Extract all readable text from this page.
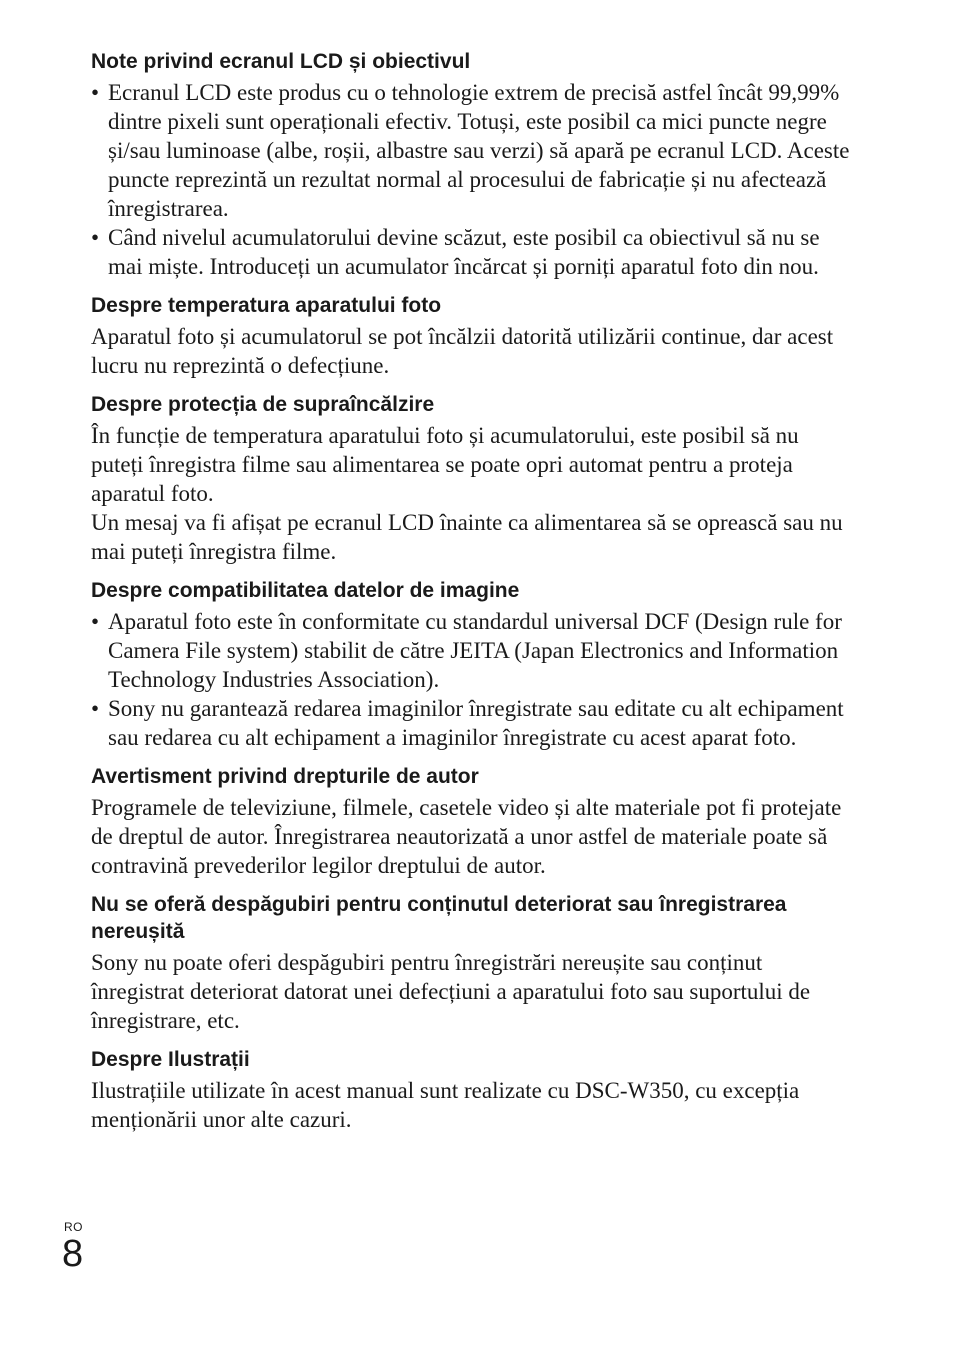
Note privind ecranul LCD și obiectivul
• Ecranul LCD este produs cu o tehnologie extrem de precisă astfel încât 99,99% dintre pixeli sunt operaționali efectiv. Totuși, este posibil ca mici puncte negre și/sau luminoase (albe, roșii, albastre sau verzi) să apară pe ecranul LCD. Aceste puncte reprezintă un rezultat normal al procesului de fabricație și nu afectează înregistrarea.
• Când nivelul acumulatorului devine scăzut, este posibil ca obiectivul să nu se mai miște. Introduceți un acumulator încărcat și porniți aparatul foto din nou.
Despre temperatura aparatului foto

Aparatul foto și acumulatorul se pot încălzii datorită utilizării continue, dar acest lucru nu reprezintă o defecțiune.

Despre protecția de supraîncălzire

În funcție de temperatura aparatului foto și acumulatorului, este posibil să nu puteți înregistra filme sau alimentarea se poate opri automat pentru a proteja aparatul foto.

Un mesaj va fi afișat pe ecranul LCD înainte ca alimentarea să se oprească sau nu mai puteți înregistra filme.

Despre compatibilitatea datelor de imagine
• Aparatul foto este în conformitate cu standardul universal DCF (Design rule for Camera File system) stabilit de către JEITA (Japan Electronics and Information Technology Industries Association).
• Sony nu garantează redarea imaginilor înregistrate sau editate cu alt echipament sau redarea cu alt echipament a imaginilor înregistrate cu acest aparat foto.
Avertisment privind drepturile de autor

Programele de televiziune, filmele, casetele video și alte materiale pot fi protejate de dreptul de autor. Înregistrarea neautorizată a unor astfel de materiale poate să contravină prevederilor legilor dreptului de autor.

Nu se oferă despăgubiri pentru conținutul deteriorat sau înregistrarea nereușită

Sony nu poate oferi despăgubiri pentru înregistrări nereușite sau conținut înregistrat deteriorat datorat unei defecțiuni a aparatului foto sau suportului de înregistrare, etc.

Despre Ilustrații

Ilustrațiile utilizate în acest manual sunt realizate cu DSC-W350, cu excepția menționării unor alte cazuri.

RO
8
